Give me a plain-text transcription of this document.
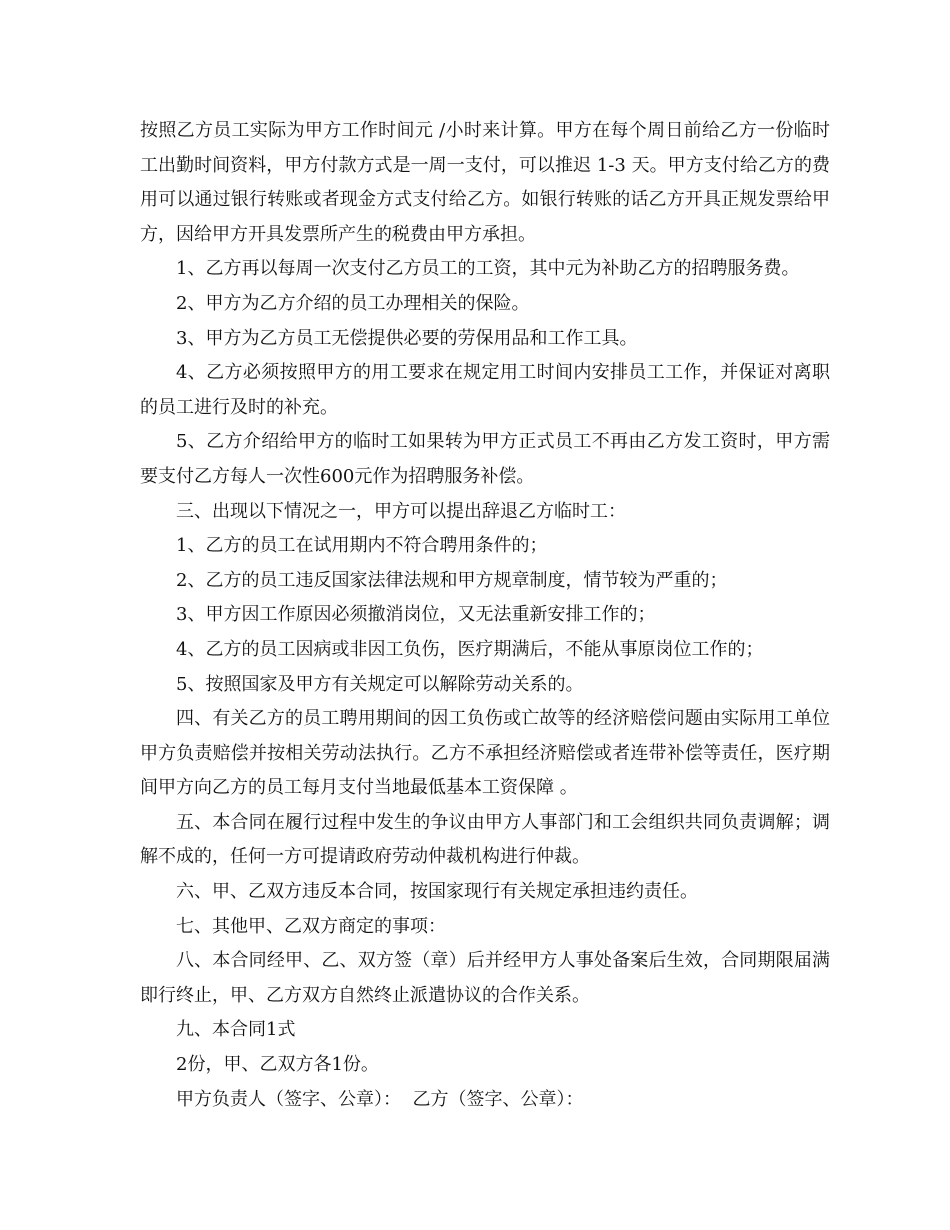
按照乙方员工实际为甲方工作时间元 /小时来计算。甲方在每个周日前给乙方一份临时工出勤时间资料，甲方付款方式是一周一支付，可以推迟 1-3 天。甲方支付给乙方的费用可以通过银行转账或者现金方式支付给乙方。如银行转账的话乙方开具正规发票给甲方，因给甲方开具发票所产生的税费由甲方承担。

1、乙方再以每周一次支付乙方员工的工资，其中元为补助乙方的招聘服务费。

2、甲方为乙方介绍的员工办理相关的保险。

3、甲方为乙方员工无偿提供必要的劳保用品和工作工具。

4、乙方必须按照甲方的用工要求在规定用工时间内安排员工工作，并保证对离职的员工进行及时的补充。

5、乙方介绍给甲方的临时工如果转为甲方正式员工不再由乙方发工资时，甲方需要支付乙方每人一次性600元作为招聘服务补偿。

三、出现以下情况之一，甲方可以提出辞退乙方临时工：

1、乙方的员工在试用期内不符合聘用条件的；

2、乙方的员工违反国家法律法规和甲方规章制度，情节较为严重的；

3、甲方因工作原因必须撤消岗位，又无法重新安排工作的；

4、乙方的员工因病或非因工负伤，医疗期满后，不能从事原岗位工作的；

5、按照国家及甲方有关规定可以解除劳动关系的。

四、有关乙方的员工聘用期间的因工负伤或亡故等的经济赔偿问题由实际用工单位甲方负责赔偿并按相关劳动法执行。乙方不承担经济赔偿或者连带补偿等责任，医疗期间甲方向乙方的员工每月支付当地最低基本工资保障 。

五、本合同在履行过程中发生的争议由甲方人事部门和工会组织共同负责调解；调解不成的，任何一方可提请政府劳动仲裁机构进行仲裁。

六、甲、乙双方违反本合同，按国家现行有关规定承担违约责任。

七、其他甲、乙双方商定的事项：

八、本合同经甲、乙、双方签（章）后并经甲方人事处备案后生效，合同期限届满即行终止，甲、乙方双方自然终止派遣协议的合作关系。

九、本合同1式

2份，甲、乙双方各1份。

甲方负责人（签字、公章）：  乙方（签字、公章）：
